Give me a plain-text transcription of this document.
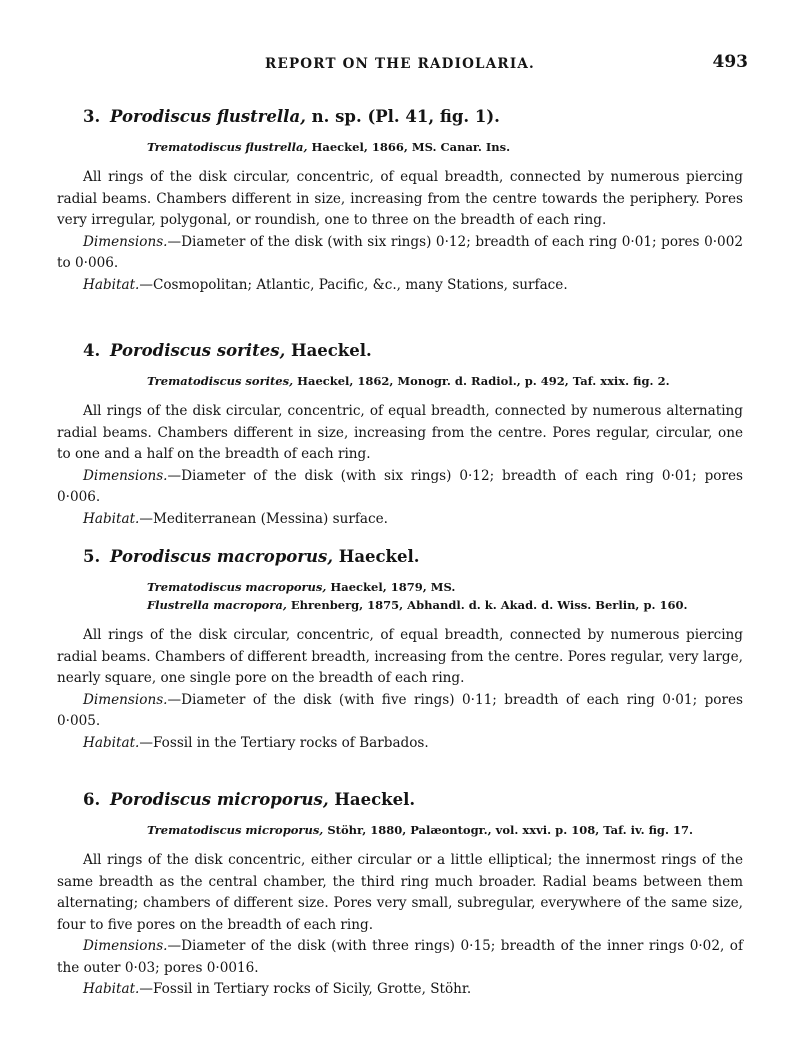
REPORT ON THE RADIOLARIA.	493
3. Porodiscus flustrella, n. sp. (Pl. 41, fig. 1).
Trematodiscus flustrella, Haeckel, 1866, MS. Canar. Ins.

All rings of the disk circular, concentric, of equal breadth, connected by numerous piercing radial beams. Chambers different in size, increasing from the centre towards the periphery. Pores very irregular, polygonal, or roundish, one to three on the breadth of each ring.

Dimensions.—Diameter of the disk (with six rings) 0·12; breadth of each ring 0·01; pores 0·002 to 0·006.

Habitat.—Cosmopolitan; Atlantic, Pacific, &c., many Stations, surface.

4. Porodiscus sorites, Haeckel.
Trematodiscus sorites, Haeckel, 1862, Monogr. d. Radiol., p. 492, Taf. xxix. fig. 2.

All rings of the disk circular, concentric, of equal breadth, connected by numerous alternating radial beams. Chambers different in size, increasing from the centre. Pores regular, circular, one to one and a half on the breadth of each ring.

Dimensions.—Diameter of the disk (with six rings) 0·12; breadth of each ring 0·01; pores 0·006.

Habitat.—Mediterranean (Messina) surface.

5. Porodiscus macroporus, Haeckel.
Trematodiscus macroporus, Haeckel, 1879, MS.
Flustrella macropora, Ehrenberg, 1875, Abhandl. d. k. Akad. d. Wiss. Berlin, p. 160.

All rings of the disk circular, concentric, of equal breadth, connected by numerous piercing radial beams. Chambers of different breadth, increasing from the centre. Pores regular, very large, nearly square, one single pore on the breadth of each ring.

Dimensions.—Diameter of the disk (with five rings) 0·11; breadth of each ring 0·01; pores 0·005.

Habitat.—Fossil in the Tertiary rocks of Barbados.

6. Porodiscus microporus, Haeckel.
Trematodiscus microporus, Stöhr, 1880, Palæontogr., vol. xxvi. p. 108, Taf. iv. fig. 17.

All rings of the disk concentric, either circular or a little elliptical; the innermost rings of the same breadth as the central chamber, the third ring much broader. Radial beams between them alternating; chambers of different size. Pores very small, subregular, everywhere of the same size, four to five pores on the breadth of each ring.

Dimensions.—Diameter of the disk (with three rings) 0·15; breadth of the inner rings 0·02, of the outer 0·03; pores 0·0016.

Habitat.—Fossil in Tertiary rocks of Sicily, Grotte, Stöhr.
